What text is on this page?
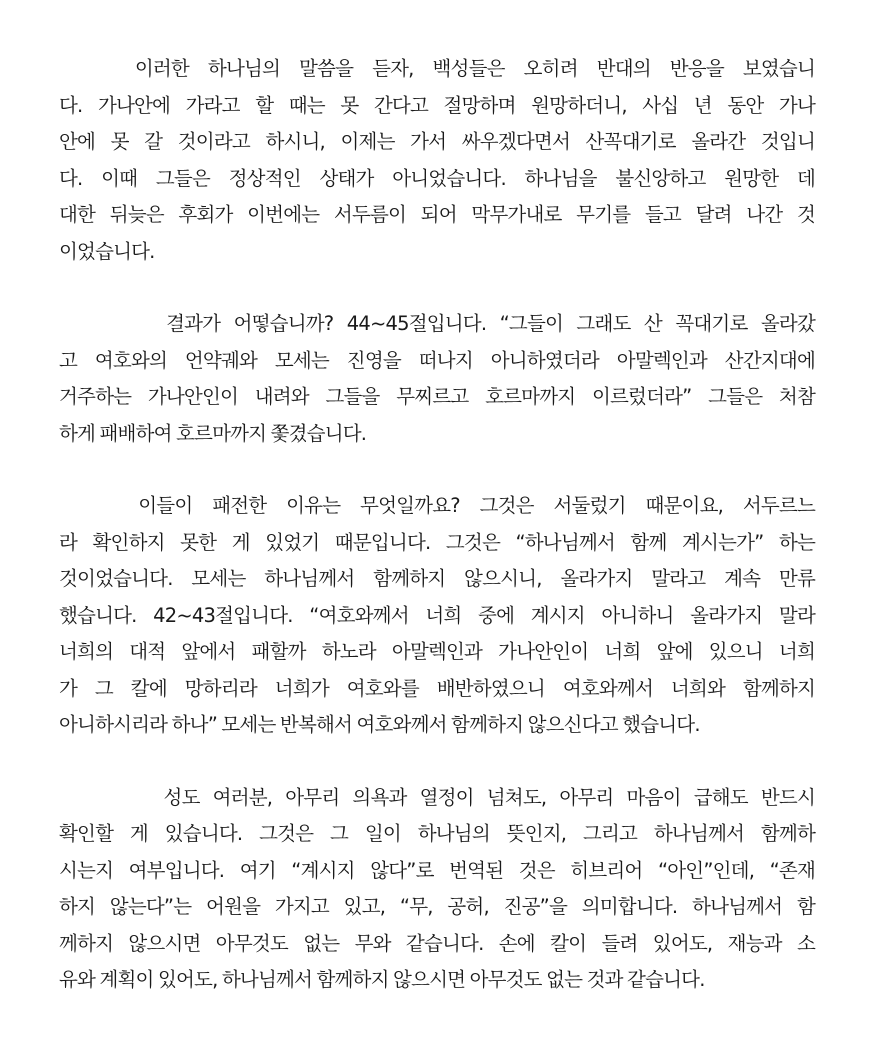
이러한  하나님의  말씀을  듣자,  백성들은  오히려  반대의  반응을  보였습니
다. 가나안에 가라고 할 때는 못 간다고 절망하며 원망하더니, 사십 년 동안 가나
안에 못 갈 것이라고 하시니, 이제는 가서 싸우겠다면서 산꼭대기로 올라간 것입니
다. 이때 그들은 정상적인 상태가 아니었습니다. 하나님을 불신앙하고 원망한 데
대한 뒤늦은 후회가 이번에는 서두름이 되어 막무가내로 무기를 들고 달려 나간 것
이었습니다.
결과가 어떻습니까? 44~45절입니다. “그들이 그래도 산 꼭대기로 올라갔
고 여호와의 언약궤와 모세는 진영을 떠나지 아니하였더라 아말렉인과 산간지대에
거주하는 가나안인이 내려와 그들을 무찌르고 호르마까지 이르렀더라” 그들은 처참
하게 패배하여 호르마까지 쫓겼습니다.
이들이  패전한  이유는  무엇일까요?  그것은  서둘렀기  때문이요,  서두르느
라 확인하지 못한 게 있었기 때문입니다. 그것은 “하나님께서 함께 계시는가” 하는
것이었습니다. 모세는 하나님께서 함께하지 않으시니, 올라가지 말라고 계속 만류
했습니다. 42~43절입니다. “여호와께서 너희 중에 계시지 아니하니 올라가지 말라
너희의 대적 앞에서 패할까 하노라 아말렉인과 가나안인이 너희 앞에 있으니 너희
가 그 칼에 망하리라 너희가 여호와를 배반하였으니 여호와께서 너희와 함께하지
아니하시리라 하나” 모세는 반복해서 여호와께서 함께하지 않으신다고 했습니다.
성도 여러분, 아무리 의욕과 열정이 넘쳐도, 아무리 마음이 급해도 반드시
확인할 게 있습니다. 그것은 그 일이 하나님의 뜻인지, 그리고 하나님께서 함께하
시는지 여부입니다. 여기 “계시지 않다”로 번역된 것은 히브리어 “아인”인데, “존재
하지 않는다”는 어원을 가지고 있고, “무, 공허, 진공”을 의미합니다. 하나님께서 함
께하지 않으시면 아무것도 없는 무와 같습니다. 손에 칼이 들려 있어도, 재능과 소
유와 계획이 있어도, 하나님께서 함께하지 않으시면 아무것도 없는 것과 같습니다.
